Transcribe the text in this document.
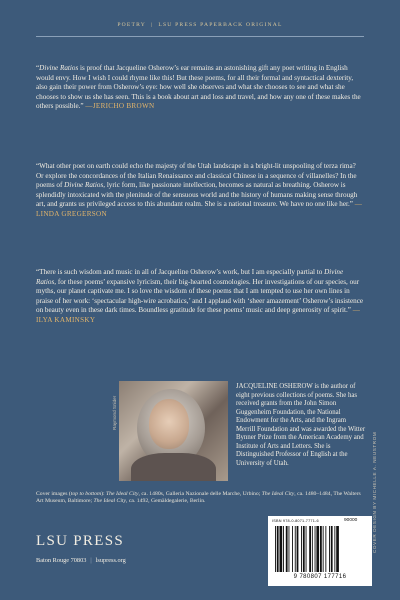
POETRY | LSU PRESS PAPERBACK ORIGINAL

“Divine Ratios is proof that Jacqueline Osherow’s ear remains an astonishing gift any poet writing in English would envy. How I wish I could rhyme like this! But these poems, for all their formal and syntactical dexterity, also gain their power from Osherow’s eye: how well she observes and what she chooses to see and what she chooses to show us she has seen. This is a book about art and loss and travel, and how any one of these makes the others possible.” —JERICHO BROWN

“What other poet on earth could echo the majesty of the Utah landscape in a bright-lit unspooling of terza rima? Or explore the concordances of the Italian Renaissance and classical Chinese in a sequence of villanelles? In the poems of Divine Ratios, lyric form, like passionate intellection, becomes as natural as breathing. Osherow is splendidly intoxicated with the plenitude of the sensuous world and the history of humans making sense through art, and grants us privileged access to this abundant realm. She is a national treasure. We have no one like her.” —LINDA GREGERSON

“There is such wisdom and music in all of Jacqueline Osherow’s work, but I am especially partial to Divine Ratios, for these poems’ expansive lyricism, their big-hearted cosmologies. Her investigations of our species, our myths, our planet captivate me. I so love the wisdom of these poems that I am tempted to use her own lines in praise of her work: ‘spectacular high-wire acrobatics,’ and I applaud with ‘sheer amazement’ Osherow’s insistence on beauty even in these dark times. Boundless gratitude for these poems’ music and deep generosity of spirit.” —ILYA KAMINSKY

Raymond Snider

JACQUELINE OSHEROW is the author of eight previous collections of poems. She has received grants from the John Simon Guggenheim Foundation, the National Endowment for the Arts, and the Ingram Merrill Foundation and was awarded the Witter Bynner Prize from the American Academy and Institute of Arts and Letters. She is Distinguished Professor of English at the University of Utah.

Cover images (top to bottom): The Ideal City, ca. 1480s, Galleria Nazionale delle Marche, Urbino; The Ideal City, ca. 1480–1484, The Walters Art Museum, Baltimore; The Ideal City, ca. 1492, Gemäldegalerie, Berlin.

LSU PRESS
Baton Rouge 70803 | lsupress.org
ISBN 978-0-8071-7771-6	90000
9 780807 177716
COVER DESIGN BY MICHELLE A. NEUSTROM
